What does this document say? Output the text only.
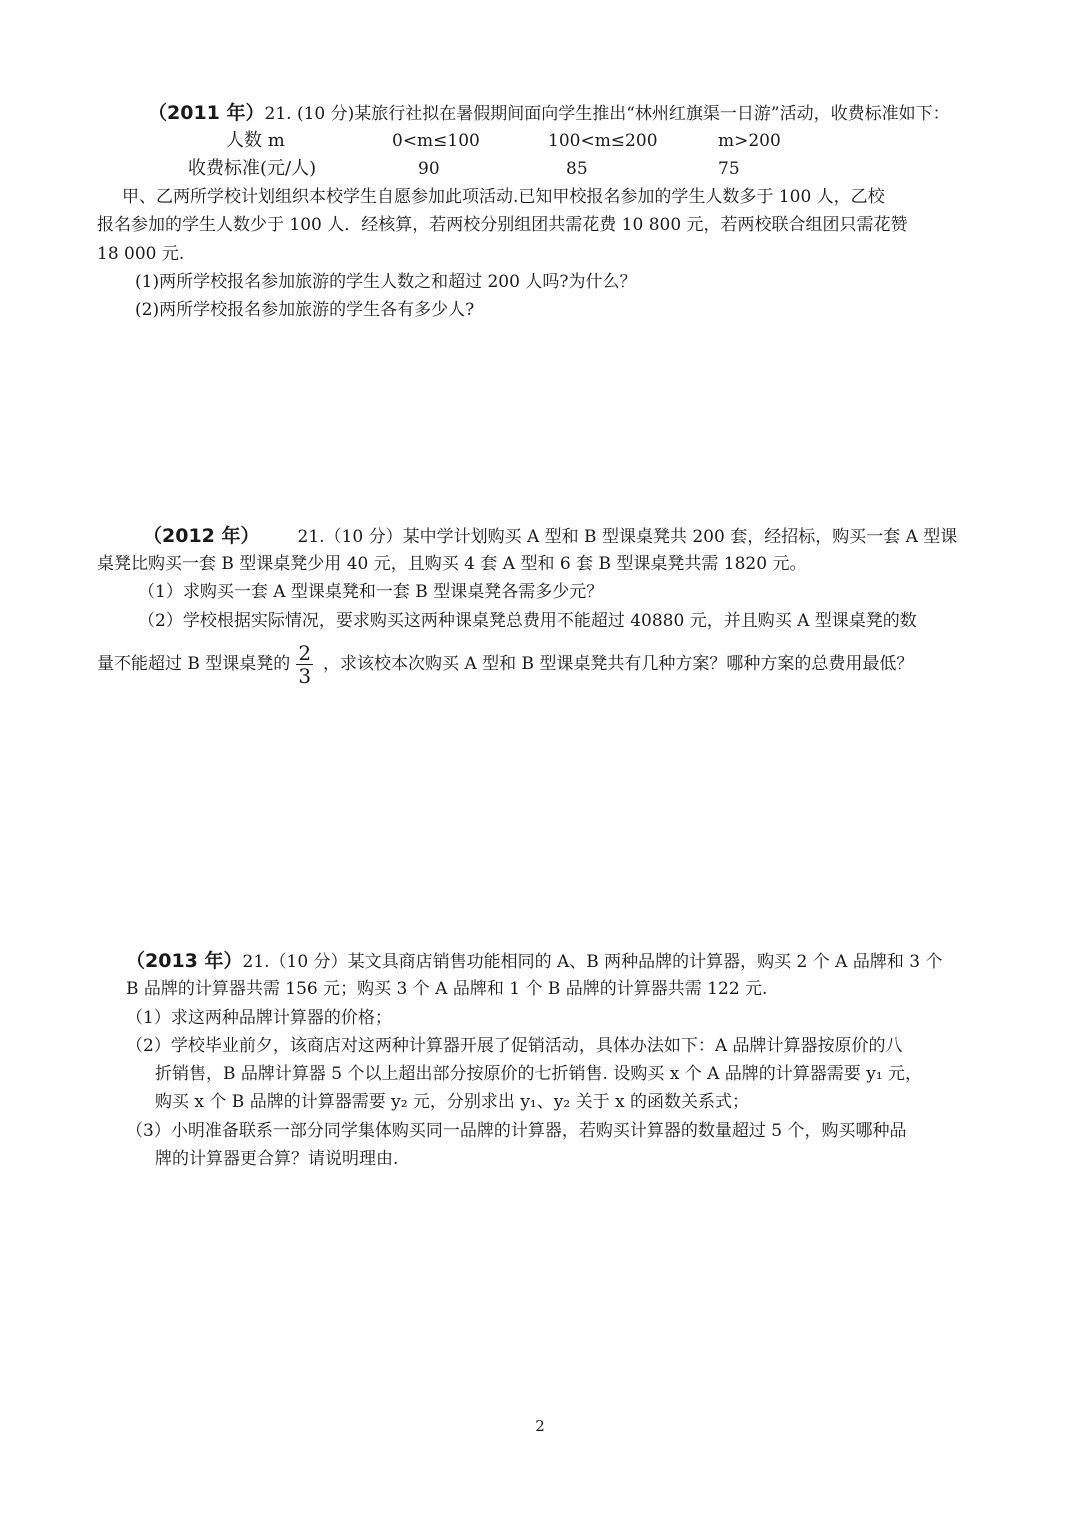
（2011 年）21. (10 分)某旅行社拟在暑假期间面向学生推出“林州红旗渠一日游”活动，收费标准如下：
人数 m	0<m≤100	100<m≤200	m>200
收费标准(元/人)	90	85	75
甲、乙两所学校计划组织本校学生自愿参加此项活动.已知甲校报名参加的学生人数多于 100 人，乙校
报名参加的学生人数少于 100 人．经核算，若两校分别组团共需花费 10 800 元，若两校联合组团只需花赞
18 000 元.
(1)两所学校报名参加旅游的学生人数之和超过 200 人吗?为什么？
(2)两所学校报名参加旅游的学生各有多少人?
（2012 年） 21.（10 分）某中学计划购买 A 型和 B 型课桌凳共 200 套，经招标，购买一套 A 型课
桌凳比购买一套 B 型课桌凳少用 40 元，且购买 4 套 A 型和 6 套 B 型课桌凳共需 1820 元。
（1）求购买一套 A 型课桌凳和一套 B 型课桌凳各需多少元？
（2）学校根据实际情况，要求购买这两种课桌凳总费用不能超过 40880 元，并且购买 A 型课桌凳的数
量不能超过 B 型课桌凳的 $\frac{2}{3}$ ，求该校本次购买 A 型和 B 型课桌凳共有几种方案？哪种方案的总费用最低？
（2013 年）21.（10 分）某文具商店销售功能相同的 A、B 两种品牌的计算器，购买 2 个 A 品牌和 3 个
B 品牌的计算器共需 156 元；购买 3 个 A 品牌和 1 个 B 品牌的计算器共需 122 元.
（1）求这两种品牌计算器的价格；
（2）学校毕业前夕，该商店对这两种计算器开展了促销活动，具体办法如下：A 品牌计算器按原价的八
折销售，B 品牌计算器 5 个以上超出部分按原价的七折销售. 设购买 x 个 A 品牌的计算器需要 y₁ 元，
购买 x 个 B 品牌的计算器需要 y₂ 元，分别求出 y₁、y₂ 关于 x 的函数关系式；
（3）小明准备联系一部分同学集体购买同一品牌的计算器，若购买计算器的数量超过 5 个，购买哪种品
牌的计算器更合算？请说明理由.
2
